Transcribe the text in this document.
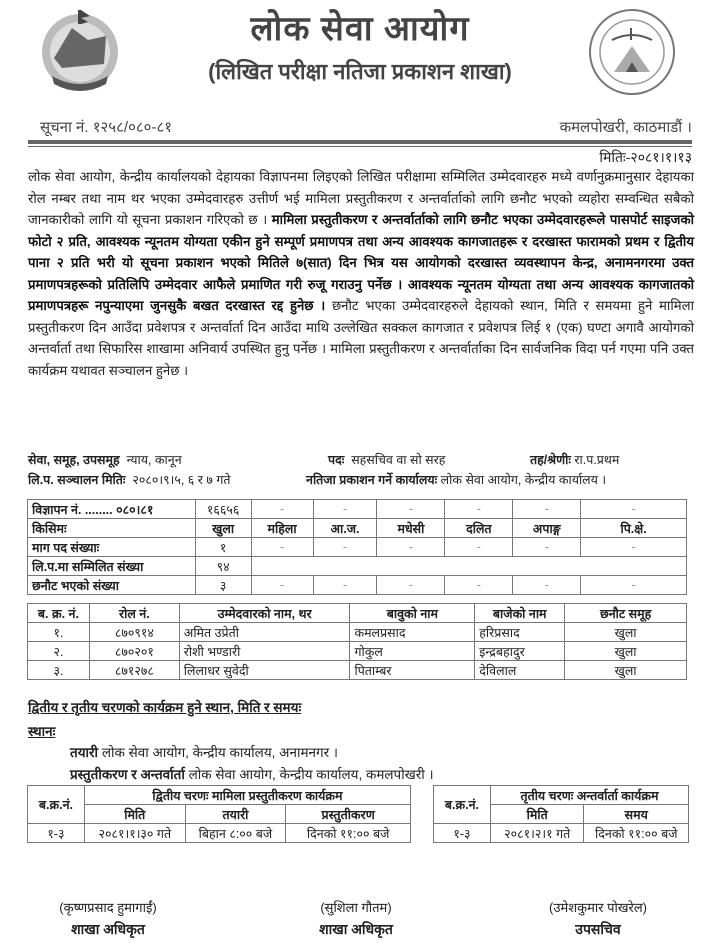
लोक सेवा आयोग
(लिखित परीक्षा नतिजा प्रकाशन शाखा)
सूचना नं. १२५८/०८०-८१	कमलपोखरी, काठमाडौं ।
मितिः-२०८१।१।१३
लोक सेवा आयोग, केन्द्रीय कार्यालयको देहायका विज्ञापनमा लिइएको लिखित परीक्षामा सम्मिलित उम्मेदवारहरु मध्ये वर्णानुक्रमानुसार देहायका रोल नम्बर तथा नाम थर भएका उम्मेदवारहरु उत्तीर्ण भई मामिला प्रस्तुतीकरण र अन्तर्वार्ताको लागि छनौट भएको व्यहोरा सम्वन्धित सबैको जानकारीको लागि यो सूचना प्रकाशन गरिएको छ । मामिला प्रस्तुतीकरण र अन्तर्वार्ताको लागि छनौट भएका उम्मेदवारहरूले पासपोर्ट साइजको फोटो २ प्रति, आवश्यक न्यूनतम योग्यता एकीन हुने सम्पूर्ण प्रमाणपत्र तथा अन्य आवश्यक कागजातहरू र दरखास्त फारामको प्रथम र द्वितीय पाना २ प्रति भरी यो सूचना प्रकाशन भएको मितिले ७(सात) दिन भित्र यस आयोगको दरखास्त व्यवस्थापन केन्द्र, अनामनगरमा उक्त प्रमाणपत्रहरूको प्रतिलिपि उम्मेदवार आफैले प्रमाणित गरी रुजू गराउनु पर्नेछ । आवश्यक न्यूनतम योग्यता तथा अन्य आवश्यक कागजातको प्रमाणपत्रहरू नपुन्याएमा जुनसुकै बखत दरखास्त रद्द हुनेछ । छनौट भएका उम्मेदवारहरुले देहायको स्थान, मिति र समयमा हुने मामिला प्रस्तुतीकरण दिन आउँदा प्रवेशपत्र र अन्तर्वार्ता दिन आउँदा माथि उल्लेखित सक्कल कागजात र प्रवेशपत्र लिई १ (एक) घण्टा अगावै आयोगको अन्तर्वार्ता तथा सिफारिस शाखामा अनिवार्य उपस्थित हुनु पर्नेछ । मामिला प्रस्तुतीकरण र अन्तर्वार्ताका दिन सार्वजनिक विदा पर्न गएमा पनि उक्त कार्यक्रम यथावत सञ्चालन हुनेछ ।
सेवा, समूह, उपसमूह न्याय, कानून	पदः सहसचिव वा सो सरह	तह/श्रेणीः रा.प.प्रथम
लि.प. सञ्चालन मितिः २०८०।९।५, ६ र ७ गते	नतिजा प्रकाशन गर्ने कार्यालयः लोक सेवा आयोग, केन्द्रीय कार्यालय ।
विज्ञापन नं. ........ ०८०।८१	१६६५६	-	-	-	-	-	-
किसिमः	खुला	महिला	आ.ज.	मधेसी	दलित	अपाङ्ग	पि.क्षे.
माग पद संख्याः	१	-	-	-	-	-	-
लि.प.मा सम्मिलित संख्या	९४						
छनौट भएको संख्या	३	-	-	-	-	-	-
ब. क्र. नं.	रोल नं.	उम्मेदवारको नाम, थर	बावुको नाम	बाजेको नाम	छनौट समूह
१.	८७०९१४	अमित उप्रेती	कमलप्रसाद	हरिप्रसाद	खुला
२.	८७०२०१	रोशी भण्डारी	गोकुल	इन्द्रबहादुर	खुला
३.	८७१२७८	लिलाधर सुवेदी	पिताम्बर	देविलाल	खुला
द्वितीय र तृतीय चरणको कार्यक्रम हुने स्थान, मिति र समयः
स्थानः
तयारी लोक सेवा आयोग, केन्द्रीय कार्यालय, अनामनगर ।
प्रस्तुतीकरण र अन्तर्वार्ता लोक सेवा आयोग, केन्द्रीय कार्यालय, कमलपोखरी ।
ब.क्र.नं.	द्वितीय चरणः मामिला प्रस्तुतीकरण कार्यक्रम		
	मिति	तयारी	प्रस्तुतीकरण
१-३	२०८१।१।३० गते	बिहान ८:०० बजे	दिनको ११:०० बजे
ब.क्र.नं.	तृतीय चरणः अन्तर्वार्ता कार्यक्रम	
	मिति	समय
१-३	२०८१।२।१ गते	दिनको ११:०० बजे
(कृष्णप्रसाद हुमागाईं)
शाखा अधिकृत
(सुशिला गौतम)
शाखा अधिकृत
(उमेशकुमार पोखरेल)
उपसचिव
